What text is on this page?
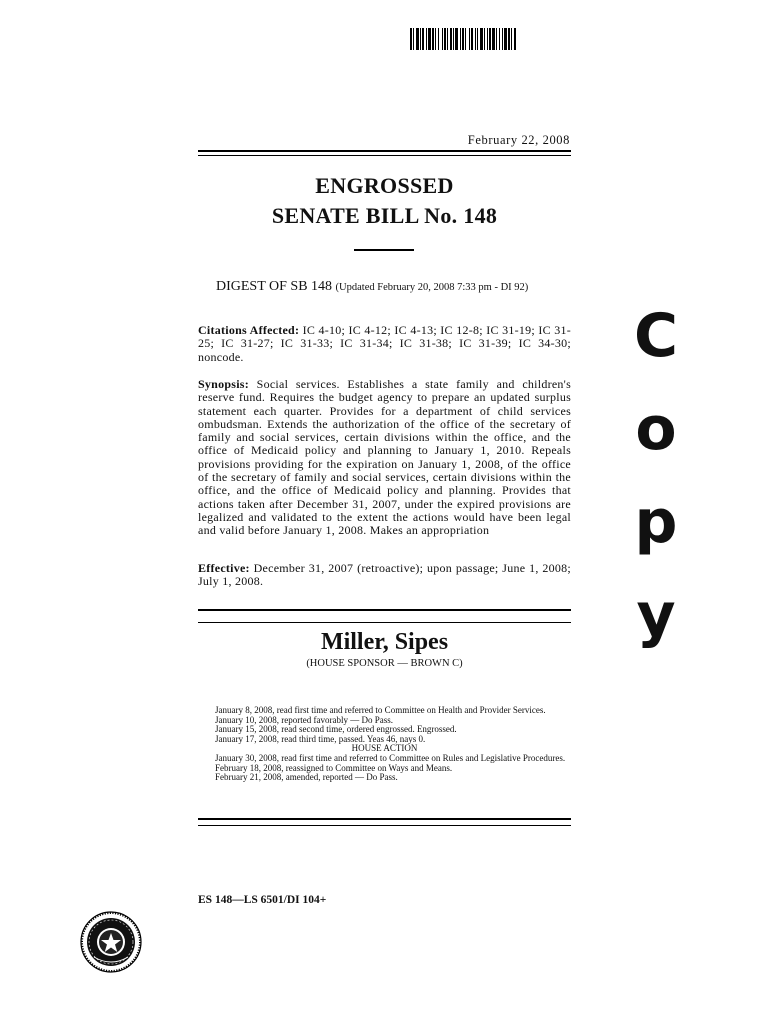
February 22, 2008
ENGROSSED
SENATE BILL No. 148
DIGEST OF SB 148 (Updated February 20, 2008 7:33 pm - DI 92)
Citations Affected: IC 4-10; IC 4-12; IC 4-13; IC 12-8; IC 31-19; IC 31-25; IC 31-27; IC 31-33; IC 31-34; IC 31-38; IC 31-39; IC 34-30; noncode.
Synopsis: Social services. Establishes a state family and children's reserve fund. Requires the budget agency to prepare an updated surplus statement each quarter. Provides for a department of child services ombudsman. Extends the authorization of the office of the secretary of family and social services, certain divisions within the office, and the office of Medicaid policy and planning to January 1, 2010. Repeals provisions providing for the expiration on January 1, 2008, of the office of the secretary of family and social services, certain divisions within the office, and the office of Medicaid policy and planning. Provides that actions taken after December 31, 2007, under the expired provisions are legalized and validated to the extent the actions would have been legal and valid before January 1, 2008. Makes an appropriation
Effective: December 31, 2007 (retroactive); upon passage; June 1, 2008; July 1, 2008.
Miller, Sipes
(HOUSE SPONSOR — BROWN C)
January 8, 2008, read first time and referred to Committee on Health and Provider Services.
January 10, 2008, reported favorably — Do Pass.
January 15, 2008, read second time, ordered engrossed. Engrossed.
January 17, 2008, read third time, passed. Yeas 46, nays 0.
HOUSE ACTION
January 30, 2008, read first time and referred to Committee on Rules and Legislative Procedures.
February 18, 2008, reassigned to Committee on Ways and Means.
February 21, 2008, amended, reported — Do Pass.
ES 148—LS 6501/DI 104+
C
o
p
y
